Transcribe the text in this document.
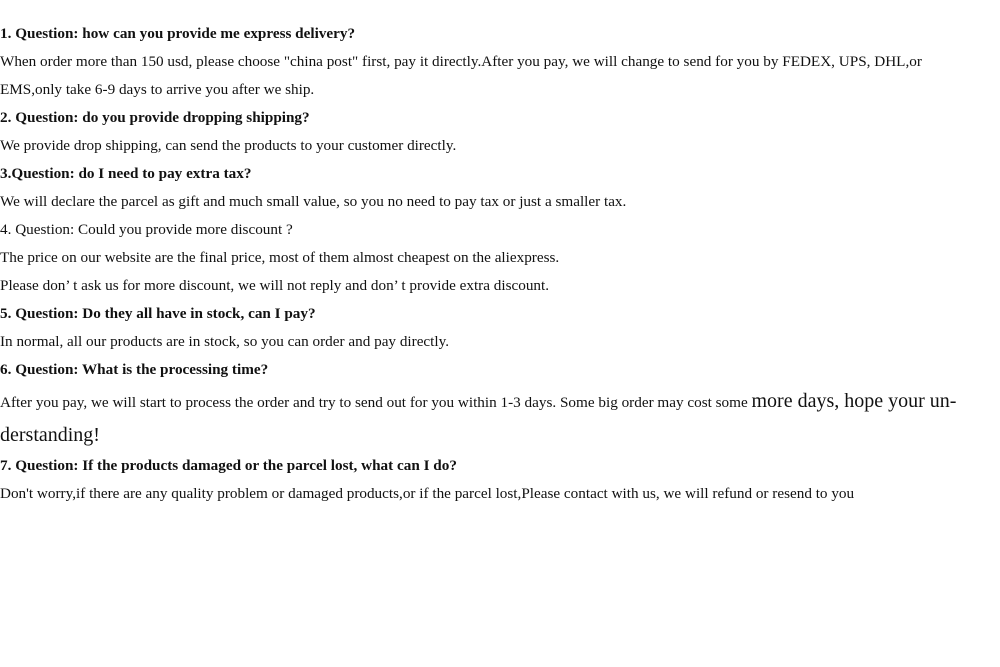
1. Question: how can you provide me express delivery?
When order more than 150 usd, please choose "china post" first, pay it directly.After you pay, we will change to send for you by FEDEX, UPS, DHL,or
EMS,only take 6-9 days to arrive you after we ship.
2. Question: do you provide dropping shipping?
We provide drop shipping, can send the products to your customer directly.
3.Question: do I need to pay extra tax?
We will declare the parcel as gift and much small value, so you no need to pay tax or just a smaller tax.
4. Question: Could you provide more discount ?
The price on our website are the final price, most of them almost cheapest on the aliexpress.
Please don’ t ask us for more discount, we will not reply and don’ t provide extra discount.
5. Question: Do they all have in stock, can I pay?
In normal, all our products are in stock, so you can order and pay directly.
6. Question: What is the processing time?
After you pay, we will start to process the order and try to send out for you within 1-3 days. Some big order may cost some more days, hope your un-
derstanding!
7. Question: If the products damaged or the parcel lost, what can I do?
Don't worry,if there are any quality problem or damaged products,or if the parcel lost,Please contact with us, we will refund or resend to you
